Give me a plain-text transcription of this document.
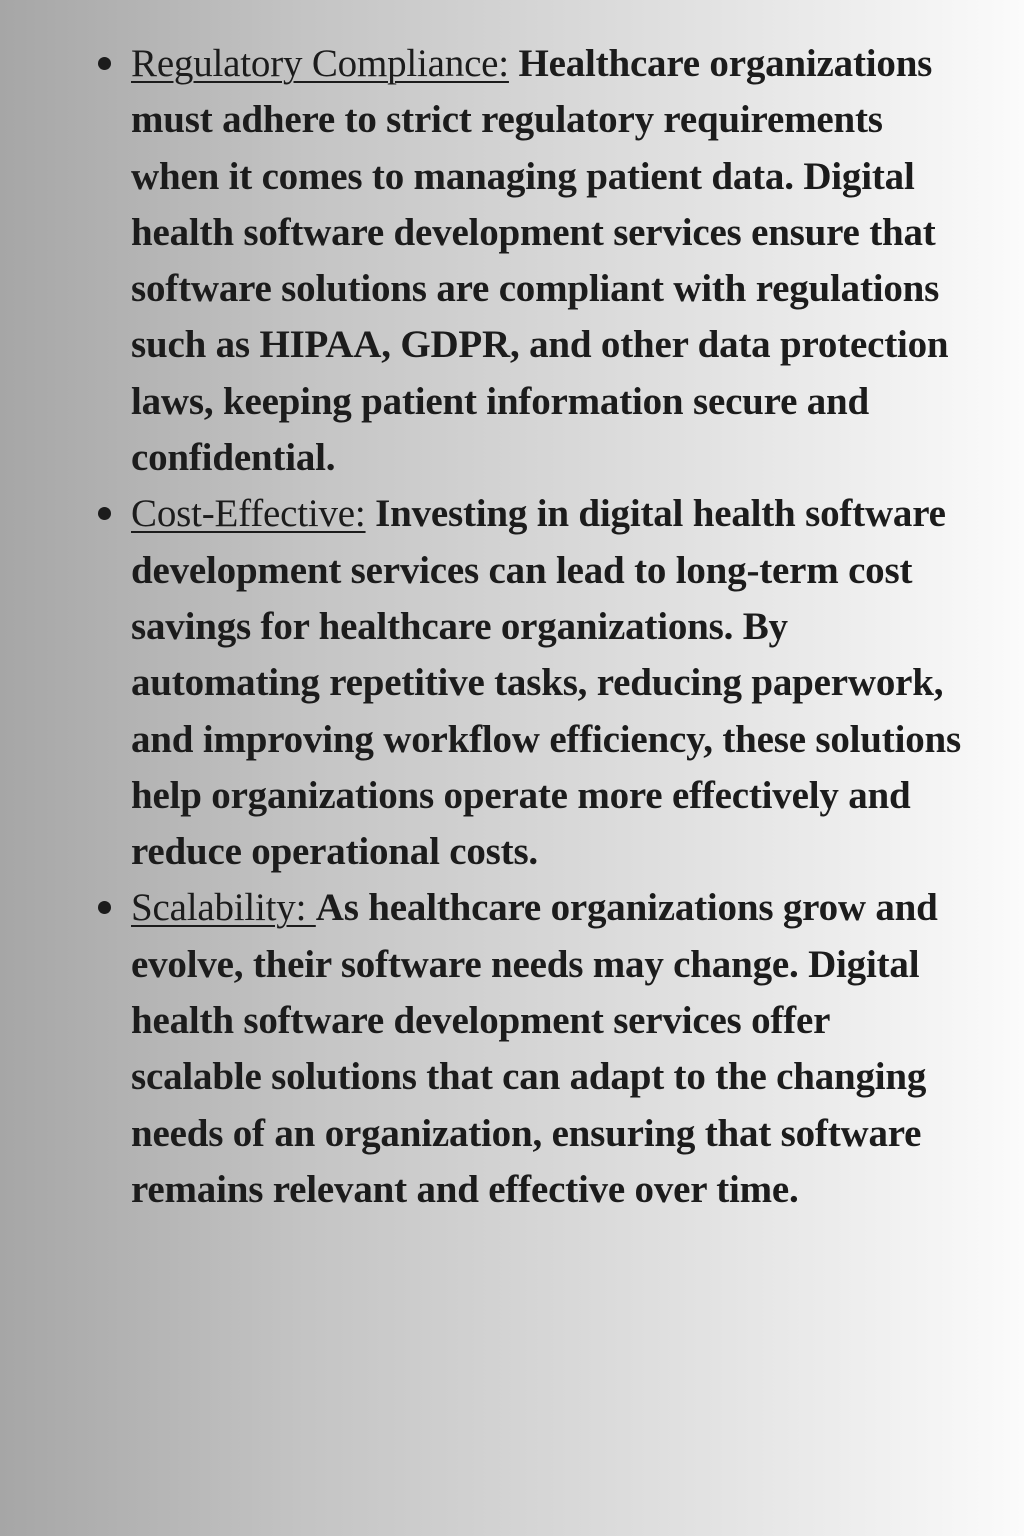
Regulatory Compliance: Healthcare organizations must adhere to strict regulatory requirements when it comes to managing patient data. Digital health software development services ensure that software solutions are compliant with regulations such as HIPAA, GDPR, and other data protection laws, keeping patient information secure and confidential.
Cost-Effective: Investing in digital health software development services can lead to long-term cost savings for healthcare organizations. By automating repetitive tasks, reducing paperwork, and improving workflow efficiency, these solutions help organizations operate more effectively and reduce operational costs.
Scalability: As healthcare organizations grow and evolve, their software needs may change. Digital health software development services offer scalable solutions that can adapt to the changing needs of an organization, ensuring that software remains relevant and effective over time.
